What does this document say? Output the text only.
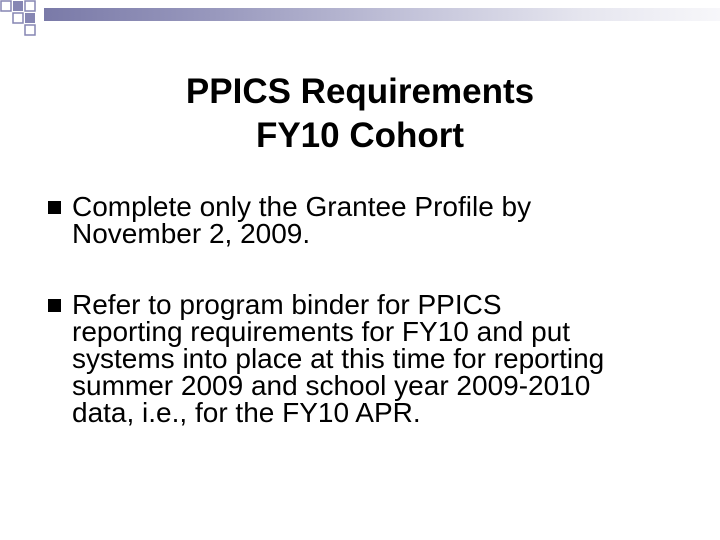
PPICS Requirements
FY10 Cohort
Complete only the Grantee Profile by
November 2, 2009.
Refer to program binder for PPICS
reporting requirements for FY10 and put
systems into place at this time for reporting
summer 2009 and school year 2009-2010
data, i.e., for the FY10 APR.
